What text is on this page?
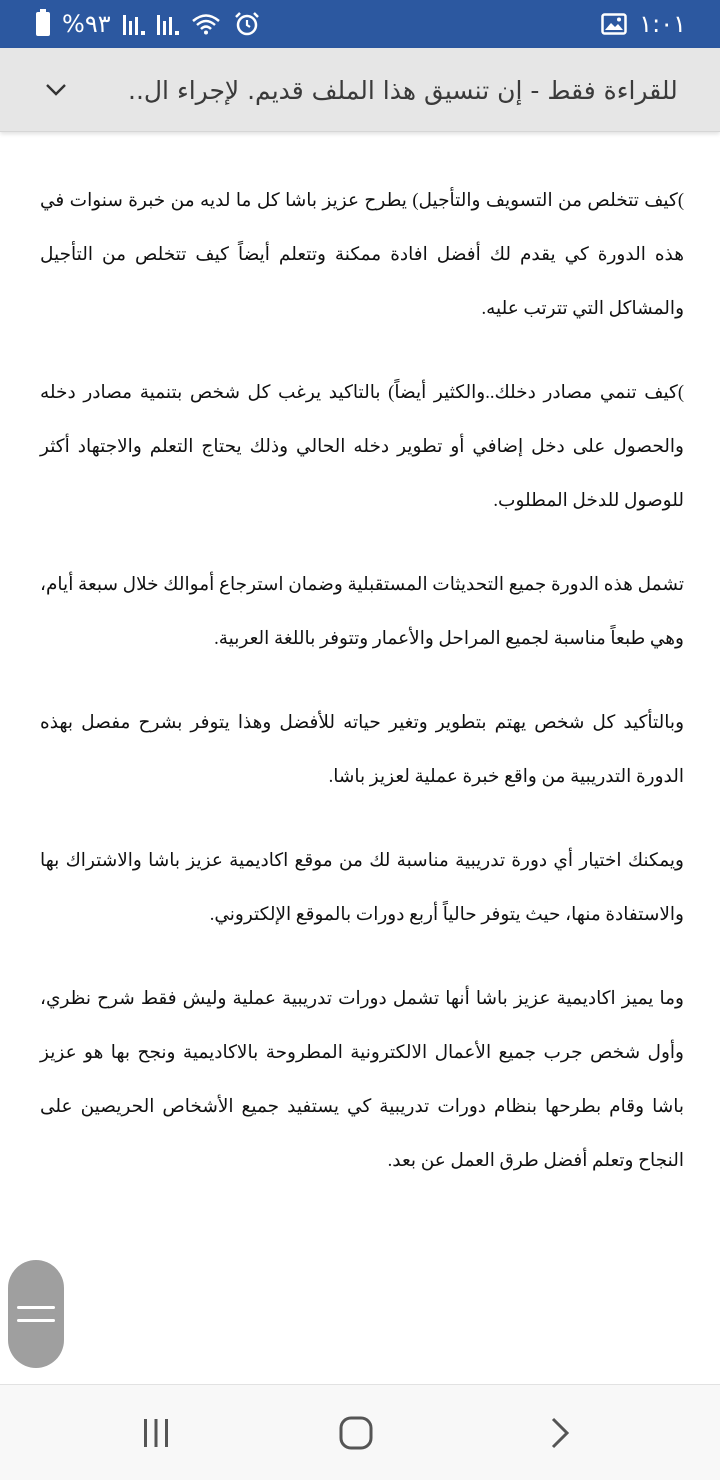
%٩٣	١:٠١
للقراءة فقط - إن تنسيق هذا الملف قديم. لإجراء ال..

)كيف تتخلص من التسويف والتأجيل) يطرح عزيز باشا كل ما لديه من خبرة سنوات في هذه الدورة كي يقدم لك أفضل افادة ممكنة وتتعلم أيضاً كيف تتخلص من التأجيل والمشاكل التي تترتب عليه.

)كيف تنمي مصادر دخلك..والكثير أيضاً) بالتاكيد يرغب كل شخص بتنمية مصادر دخله والحصول على دخل إضافي أو تطوير دخله الحالي وذلك يحتاج التعلم والاجتهاد أكثر للوصول للدخل المطلوب.

تشمل هذه الدورة جميع التحديثات المستقبلية وضمان استرجاع أموالك خلال سبعة أيام، وهي طبعاً مناسبة لجميع المراحل والأعمار وتتوفر باللغة العربية.

وبالتأكيد كل شخص يهتم بتطوير وتغير حياته للأفضل وهذا يتوفر بشرح مفصل بهذه الدورة التدريبية من واقع خبرة عملية لعزيز باشا.

ويمكنك اختيار أي دورة تدريبية مناسبة لك من موقع اكاديمية عزيز باشا والاشتراك بها والاستفادة منها، حيث يتوفر حالياً أربع دورات بالموقع الإلكتروني.

وما يميز اكاديمية عزيز باشا أنها تشمل دورات تدريبية عملية وليش فقط شرح نظري، وأول شخص جرب جميع الأعمال الالكترونية المطروحة بالاكاديمية ونجح بها هو عزيز باشا وقام بطرحها بنظام دورات تدريبية كي يستفيد جميع الأشخاص الحريصين على النجاح وتعلم أفضل طرق العمل عن بعد.
